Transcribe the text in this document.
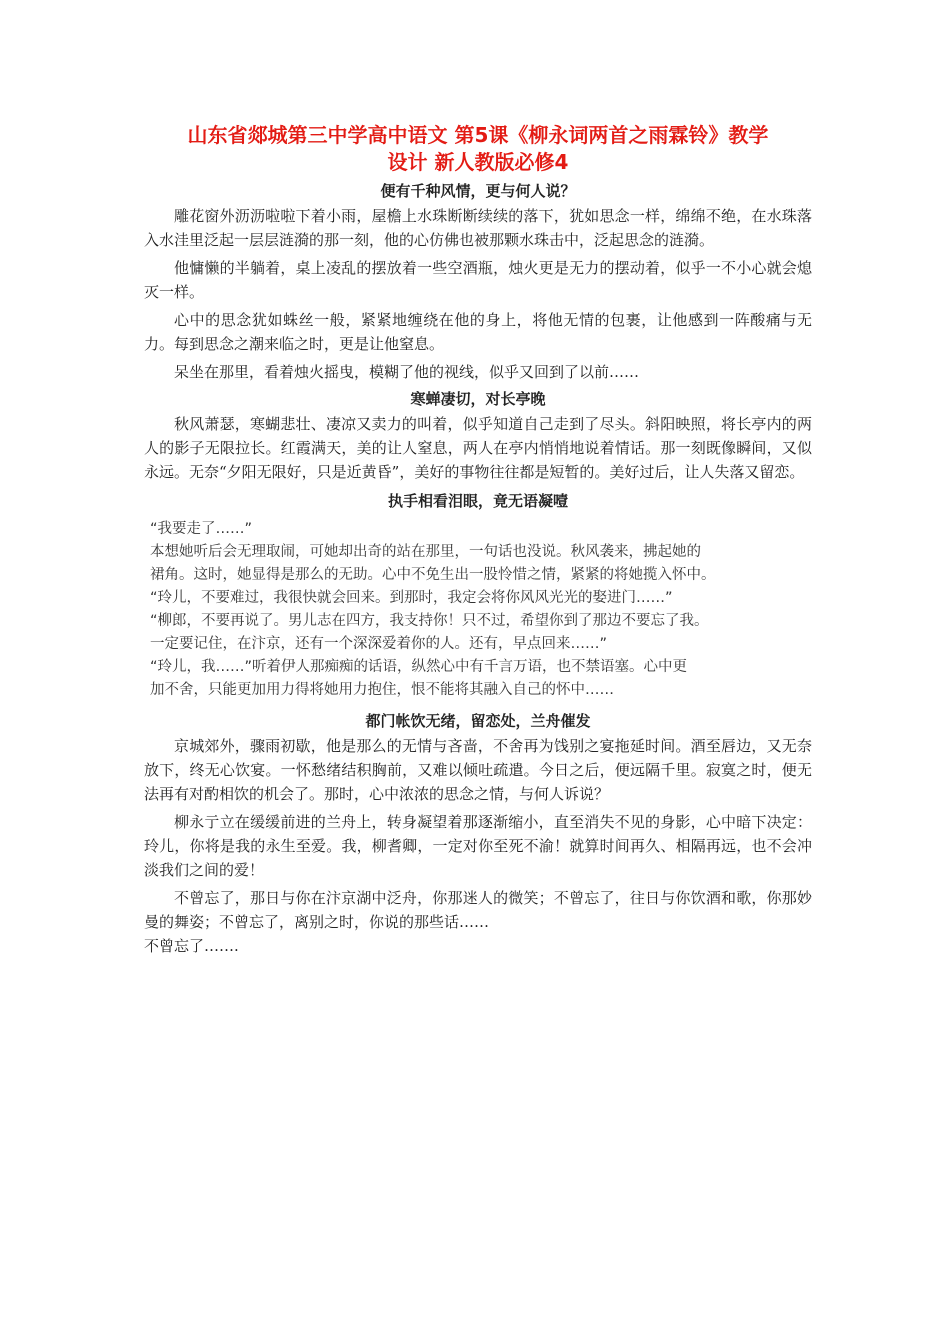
山东省郯城第三中学高中语文 第5课《柳永词两首之雨霖铃》教学
设计 新人教版必修4
便有千种风情，更与何人说？

雕花窗外沥沥啦啦下着小雨，屋檐上水珠断断续续的落下，犹如思念一样，绵绵不绝，在水珠落入水洼里泛起一层层涟漪的那一刻，他的心仿佛也被那颗水珠击中，泛起思念的涟漪。

他慵懒的半躺着，桌上凌乱的摆放着一些空酒瓶，烛火更是无力的摆动着，似乎一不小心就会熄灭一样。

心中的思念犹如蛛丝一般，紧紧地缠绕在他的身上，将他无情的包裹，让他感到一阵酸痛与无力。每到思念之潮来临之时，更是让他窒息。

呆坐在那里，看着烛火摇曳，模糊了他的视线，似乎又回到了以前……

寒蝉凄切，对长亭晚

秋风萧瑟，寒蝴悲壮、凄凉又卖力的叫着，似乎知道自己走到了尽头。斜阳映照，将长亭内的两人的影子无限拉长。红霞满天，美的让人窒息，两人在亭内悄悄地说着情话。那一刻既像瞬间，又似永远。无奈“夕阳无限好，只是近黄昏”，美好的事物往往都是短暂的。美好过后，让人失落又留恋。

执手相看泪眼，竟无语凝噎
“我要走了……”
本想她听后会无理取闹，可她却出奇的站在那里，一句话也没说。秋风袭来，拂起她的
裙角。这时，她显得是那么的无助。心中不免生出一股怜惜之情，紧紧的将她揽入怀中。
“玲儿，不要难过，我很快就会回来。到那时，我定会将你风风光光的娶进门……”
“柳郎，不要再说了。男儿志在四方，我支持你！只不过，希望你到了那边不要忘了我。
一定要记住，在汴京，还有一个深深爱着你的人。还有，早点回来……”
“玲儿，我……”听着伊人那痴痴的话语，纵然心中有千言万语，也不禁语塞。心中更
加不舍，只能更加用力得将她用力抱住，恨不能将其融入自己的怀中……
都门帐饮无绪，留恋处，兰舟催发

京城郊外，骤雨初歇，他是那么的无情与吝啬，不舍再为饯别之宴拖延时间。酒至唇边，又无奈放下，终无心饮宴。一怀愁绪结积胸前，又难以倾吐疏遣。今日之后，便远隔千里。寂寞之时，便无法再有对酌相饮的机会了。那时，心中浓浓的思念之情，与何人诉说？

柳永亍立在缓缓前进的兰舟上，转身凝望着那逐渐缩小，直至消失不见的身影，心中暗下决定：玲儿，你将是我的永生至爱。我，柳耆卿，一定对你至死不渝！就算时间再久、相隔再远，也不会冲淡我们之间的爱！

不曾忘了，那日与你在汴京湖中泛舟，你那迷人的微笑；不曾忘了，往日与你饮酒和歌，你那妙曼的舞姿；不曾忘了，离别之时，你说的那些话……

不曾忘了…….
